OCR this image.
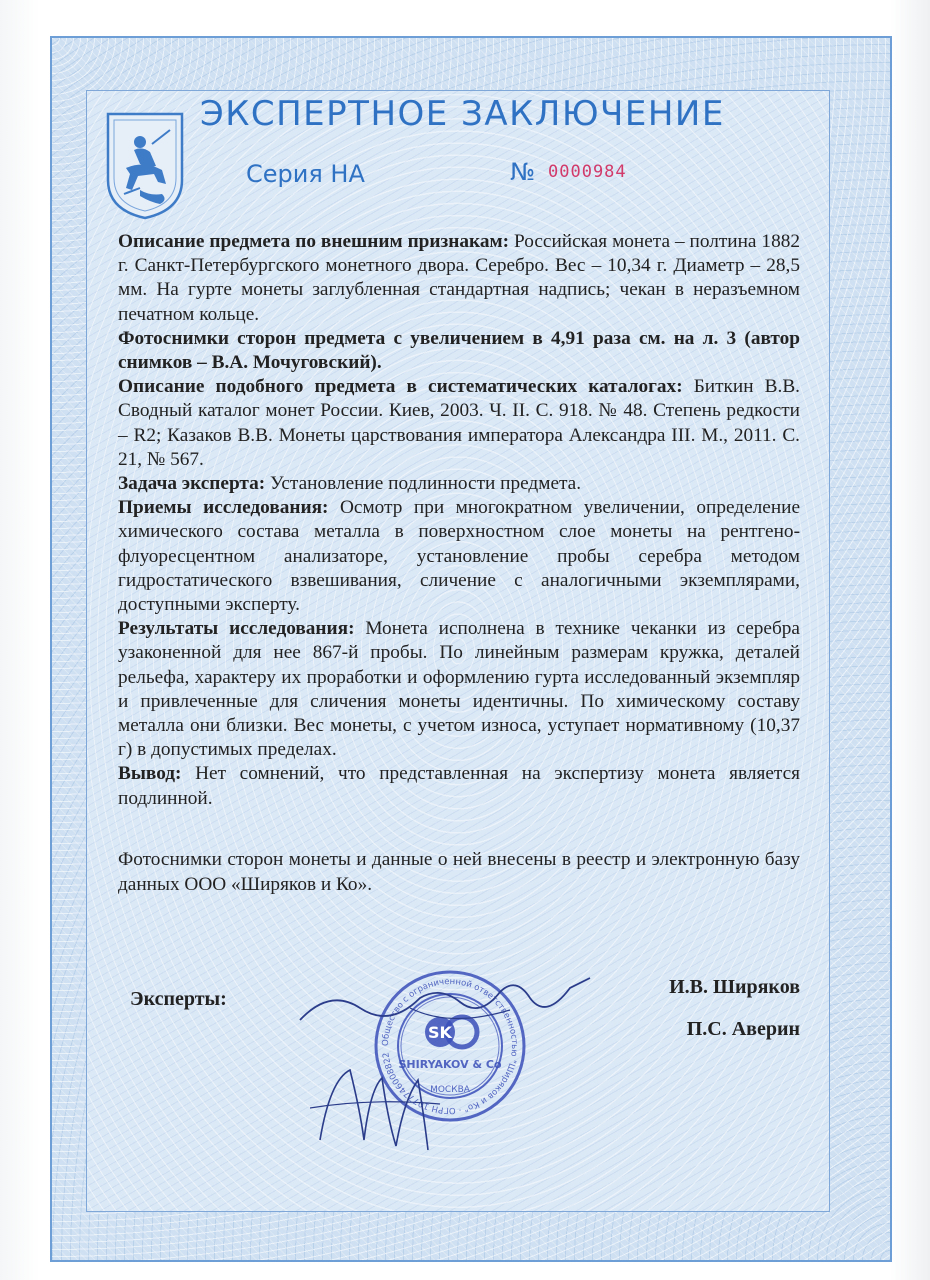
ЭКСПЕРТНОЕ ЗАКЛЮЧЕНИЕ
Серия НА	№ 0000984

Описание предмета по внешним признакам: Российская монета – полтина 1882 г. Санкт-Петербургского монетного двора. Серебро. Вес – 10,34 г. Диаметр – 28,5 мм. На гурте монеты заглубленная стандартная надпись; чекан в неразъемном печатном кольце.

Фотоснимки сторон предмета с увеличением в 4,91 раза см. на л. 3 (автор снимков – В.А. Мочуговский).

Описание подобного предмета в систематических каталогах: Биткин В.В. Сводный каталог монет России. Киев, 2003. Ч. II. С. 918. № 48. Степень редкости – R2; Казаков В.В. Монеты царствования императора Александра III. М., 2011. С. 21, № 567.

Задача эксперта: Установление подлинности предмета.

Приемы исследования: Осмотр при многократном увеличении, определение химического состава металла в поверхностном слое монеты на рентгено-флуоресцентном анализаторе, установление пробы серебра методом гидростатического взвешивания, сличение с аналогичными экземплярами, доступными эксперту.

Результаты исследования: Монета исполнена в технике чеканки из серебра узаконенной для нее 867-й пробы. По линейным размерам кружка, деталей рельефа, характеру их проработки и оформлению гурта исследованный экземпляр и привлеченные для сличения монеты идентичны. По химическому составу металла они близки. Вес монеты, с учетом износа, уступает нормативному (10,37 г) в допустимых пределах.

Вывод: Нет сомнений, что представленная на экспертизу монета является подлинной.

Фотоснимки сторон монеты и данные о ней внесены в реестр и электронную базу данных ООО «Ширяков и Ко».

Эксперты:
И.В. Ширяков
П.С. Аверин
Общество с ограниченной ответственностью "Ширяков и Ко" · ОГРН 1077746008822
SK
SHIRYAKOV & Co
МОСКВА
